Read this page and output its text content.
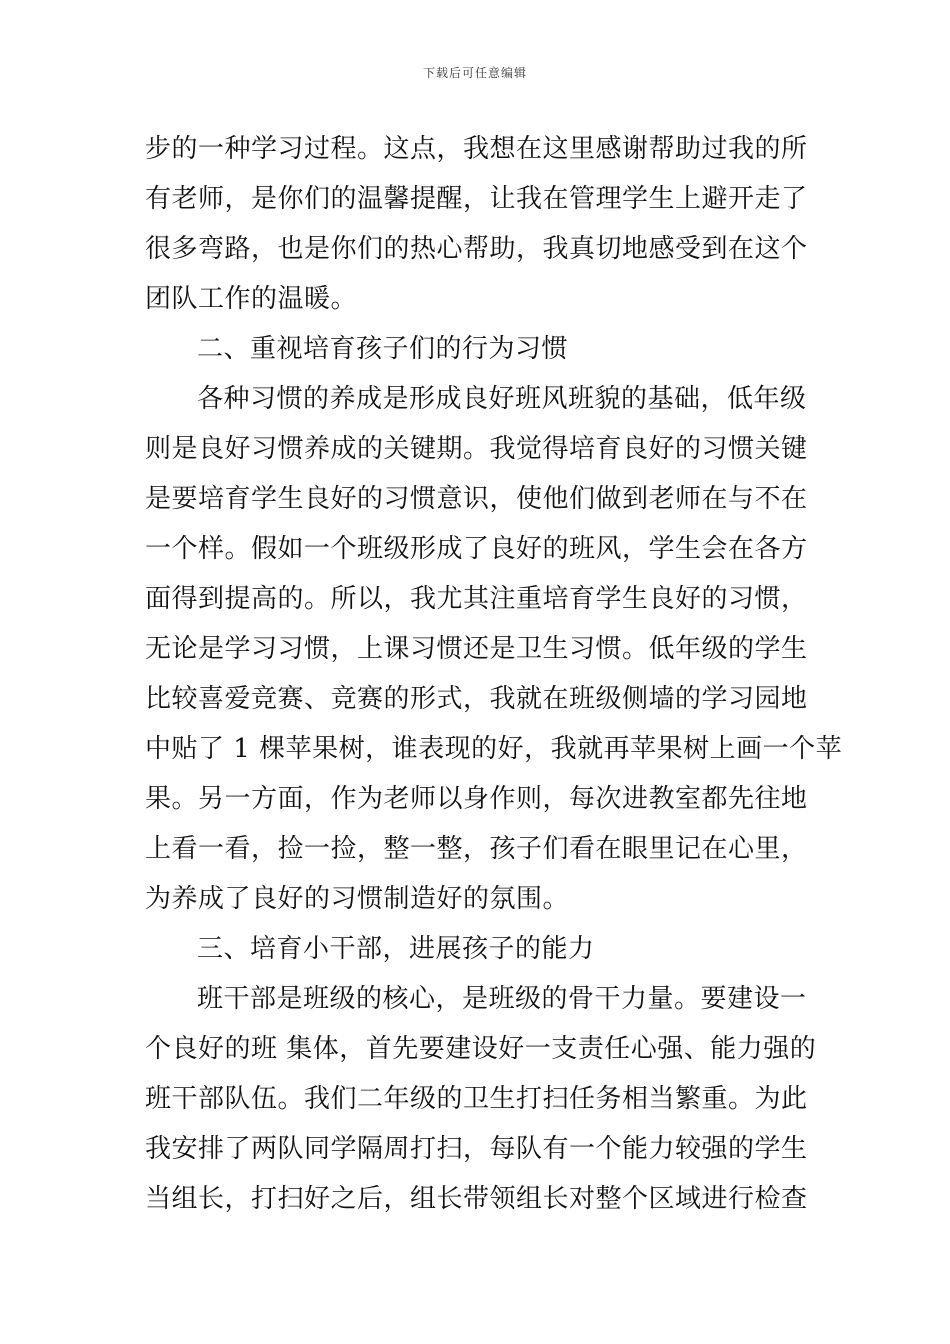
下载后可任意编辑
步的一种学习过程。这点，我想在这里感谢帮助过我的所
有老师，是你们的温馨提醒，让我在管理学生上避开走了
很多弯路，也是你们的热心帮助，我真切地感受到在这个
团队工作的温暖。
二、重视培育孩子们的行为习惯
各种习惯的养成是形成良好班风班貌的基础，低年级
则是良好习惯养成的关键期。我觉得培育良好的习惯关键
是要培育学生良好的习惯意识，使他们做到老师在与不在
一个样。假如一个班级形成了良好的班风，学生会在各方
面得到提高的。所以，我尤其注重培育学生良好的习惯，
无论是学习习惯，上课习惯还是卫生习惯。低年级的学生
比较喜爱竞赛、竞赛的形式，我就在班级侧墙的学习园地
中贴了 1 棵苹果树，谁表现的好，我就再苹果树上画一个苹
果。另一方面，作为老师以身作则，每次进教室都先往地
上看一看，捡一捡，整一整，孩子们看在眼里记在心里，
为养成了良好的习惯制造好的氛围。
三、培育小干部，进展孩子的能力
班干部是班级的核心，是班级的骨干力量。要建设一
个良好的班 集体，首先要建设好一支责任心强、能力强的
班干部队伍。我们二年级的卫生打扫任务相当繁重。为此
我安排了两队同学隔周打扫，每队有一个能力较强的学生
当组长，打扫好之后，组长带领组长对整个区域进行检查
